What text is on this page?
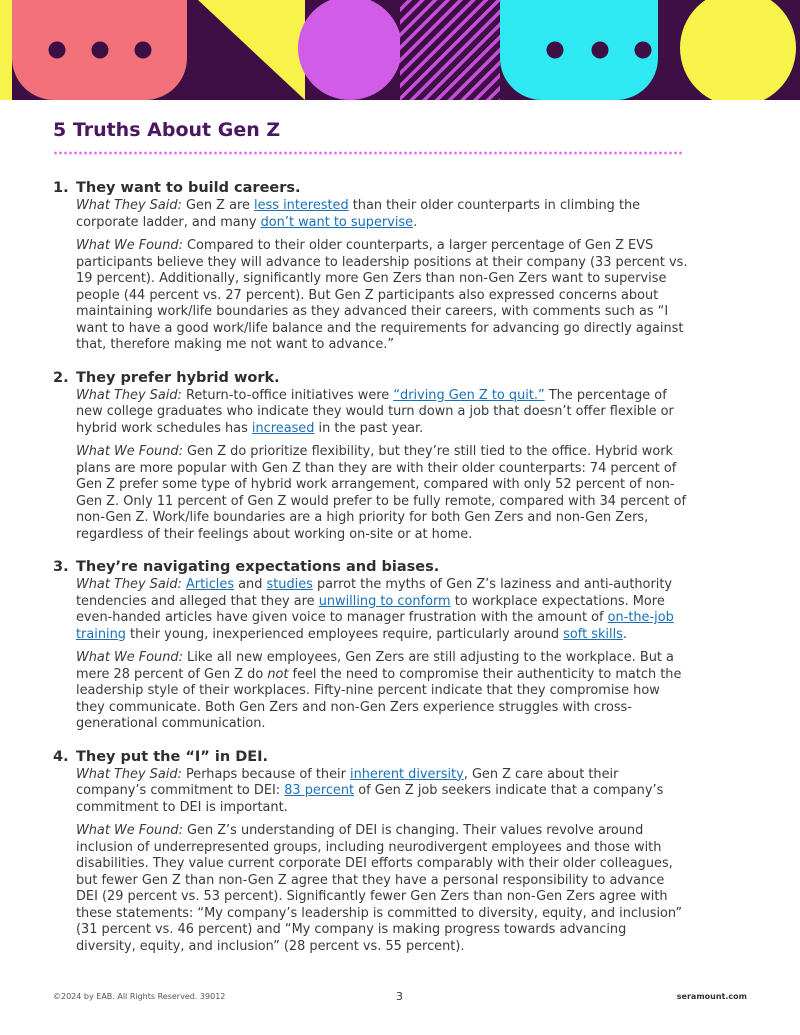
5 Truths About Gen Z
1. They want to build careers.

What They Said: Gen Z are less interested than their older counterparts in climbing the corporate ladder, and many don’t want to supervise.

What We Found: Compared to their older counterparts, a larger percentage of Gen Z EVS participants believe they will advance to leadership positions at their company (33 percent vs. 19 percent). Additionally, significantly more Gen Zers than non-Gen Zers want to supervise people (44 percent vs. 27 percent). But Gen Z participants also expressed concerns about maintaining work/life boundaries as they advanced their careers, with comments such as “I want to have a good work/life balance and the requirements for advancing go directly against that, therefore making me not want to advance.”

2. They prefer hybrid work.

What They Said: Return-to-office initiatives were “driving Gen Z to quit.” The percentage of new college graduates who indicate they would turn down a job that doesn’t offer flexible or hybrid work schedules has increased in the past year.

What We Found: Gen Z do prioritize flexibility, but they’re still tied to the office. Hybrid work plans are more popular with Gen Z than they are with their older counterparts: 74 percent of Gen Z prefer some type of hybrid work arrangement, compared with only 52 percent of non-Gen Z. Only 11 percent of Gen Z would prefer to be fully remote, compared with 34 percent of non-Gen Z. Work/life boundaries are a high priority for both Gen Zers and non-Gen Zers, regardless of their feelings about working on-site or at home.

3. They’re navigating expectations and biases.

What They Said: Articles and studies parrot the myths of Gen Z’s laziness and anti-authority tendencies and alleged that they are unwilling to conform to workplace expectations. More even-handed articles have given voice to manager frustration with the amount of on-the-job training their young, inexperienced employees require, particularly around soft skills.

What We Found: Like all new employees, Gen Zers are still adjusting to the workplace. But a mere 28 percent of Gen Z do not feel the need to compromise their authenticity to match the leadership style of their workplaces. Fifty-nine percent indicate that they compromise how they communicate. Both Gen Zers and non-Gen Zers experience struggles with cross-generational communication.

4. They put the “I” in DEI.

What They Said: Perhaps because of their inherent diversity, Gen Z care about their company’s commitment to DEI: 83 percent of Gen Z job seekers indicate that a company’s commitment to DEI is important.

What We Found: Gen Z’s understanding of DEI is changing. Their values revolve around inclusion of underrepresented groups, including neurodivergent employees and those with disabilities. They value current corporate DEI efforts comparably with their older colleagues, but fewer Gen Z than non-Gen Z agree that they have a personal responsibility to advance DEI (29 percent vs. 53 percent). Significantly fewer Gen Zers than non-Gen Zers agree with these statements: “My company’s leadership is committed to diversity, equity, and inclusion” (31 percent vs. 46 percent) and “My company is making progress towards advancing diversity, equity, and inclusion” (28 percent vs. 55 percent).

©2024 by EAB. All Rights Reserved. 39012	3	seramount.com
